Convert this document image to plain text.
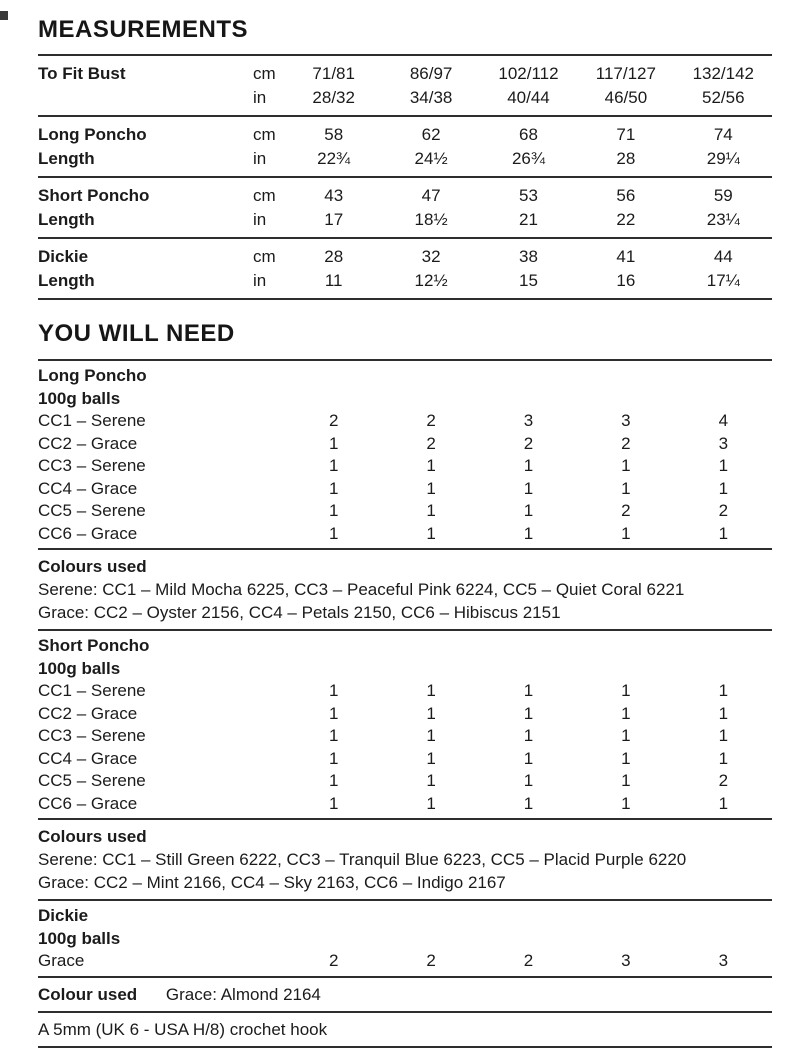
MEASUREMENTS
To Fit Bust	cm	71/81	86/97	102/112	117/127	132/142
in	28/32	34/38	40/44	46/50	52/56
Long Poncho	cm	58	62	68	71	74
Length	in	22¾	24½	26¾	28	29¼
Short Poncho	cm	43	47	53	56	59
Length	in	17	18½	21	22	23¼
Dickie	cm	28	32	38	41	44
Length	in	11	12½	15	16	17¼
YOU WILL NEED
Long Poncho
100g balls
CC1 – Serene	2	2	3	3	4
CC2 – Grace	1	2	2	2	3
CC3 – Serene	1	1	1	1	1
CC4 – Grace	1	1	1	1	1
CC5 – Serene	1	1	1	2	2
CC6 – Grace	1	1	1	1	1
Colours used
Serene: CC1 – Mild Mocha 6225, CC3 – Peaceful Pink 6224, CC5 – Quiet Coral 6221
Grace: CC2 – Oyster 2156, CC4 – Petals 2150, CC6 – Hibiscus 2151
Short Poncho
100g balls
CC1 – Serene	1	1	1	1	1
CC2 – Grace	1	1	1	1	1
CC3 – Serene	1	1	1	1	1
CC4 – Grace	1	1	1	1	1
CC5 – Serene	1	1	1	1	2
CC6 – Grace	1	1	1	1	1
Colours used
Serene: CC1 – Still Green 6222, CC3 – Tranquil Blue 6223, CC5 – Placid Purple 6220
Grace: CC2 – Mint 2166, CC4 – Sky 2163, CC6 – Indigo 2167
Dickie
100g balls
Grace	2	2	2	3	3
Colour used Grace: Almond 2164
A 5mm (UK 6 - USA H/8) crochet hook
